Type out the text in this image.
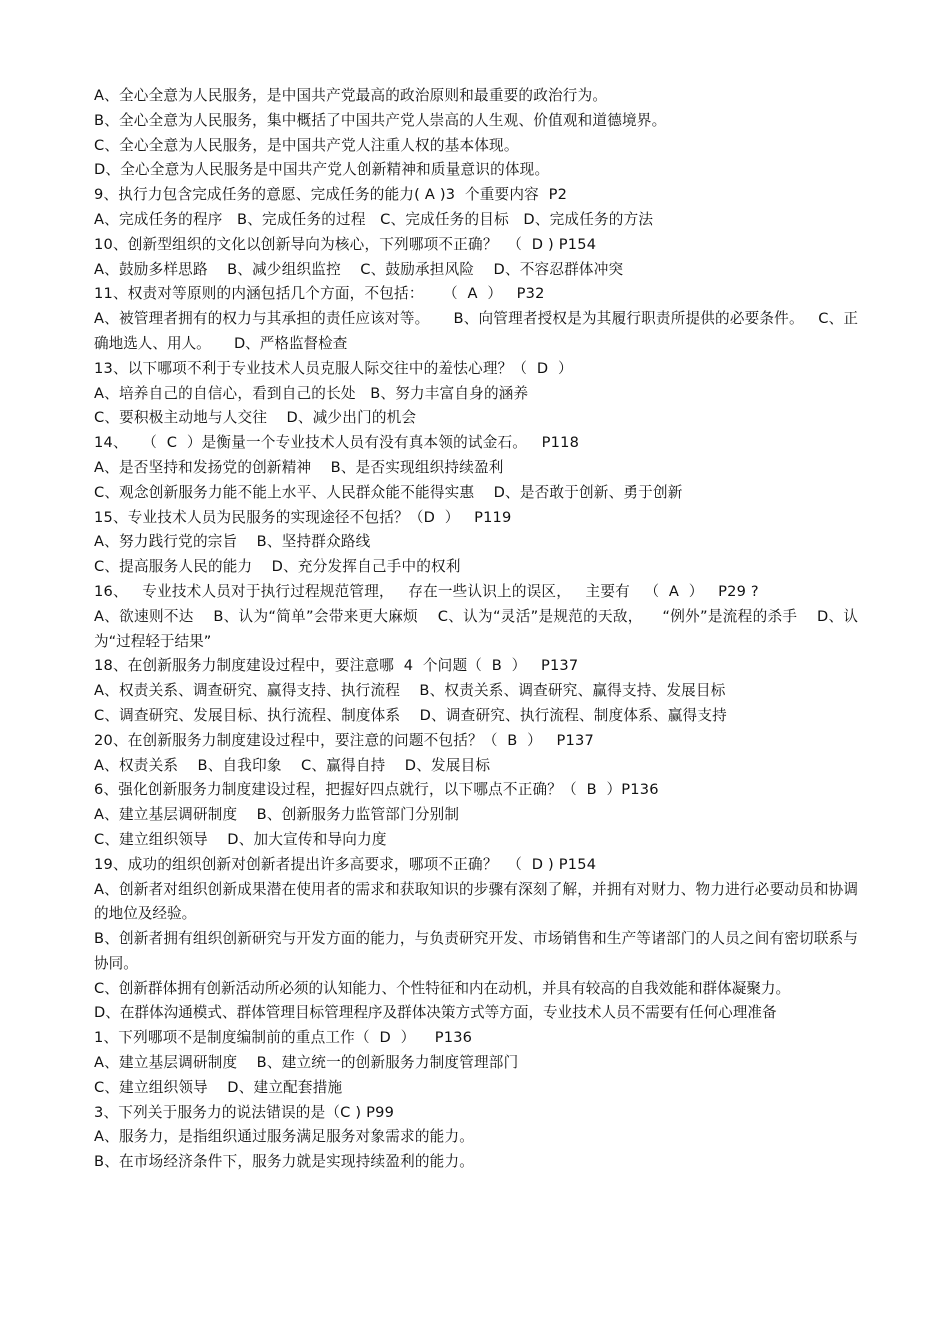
A、全心全意为人民服务，是中国共产党最高的政治原则和最重要的政治行为。
B、全心全意为人民服务，集中概括了中国共产党人崇高的人生观、价值观和道德境界。
C、全心全意为人民服务，是中国共产党人注重人权的基本体现。
D、全心全意为人民服务是中国共产党人创新精神和质量意识的体现。
9、执行力包含完成任务的意愿、完成任务的能力( A )3  个重要内容  P2
A、完成任务的程序   B、完成任务的过程   C、完成任务的目标   D、完成任务的方法
10、创新型组织的文化以创新导向为核心，下列哪项不正确？  （  D ) P154
A、鼓励多样思路    B、减少组织监控    C、鼓励承担风险    D、不容忍群体冲突
11、权责对等原则的内涵包括几个方面，不包括：    （  A  ）   P32
A、被管理者拥有的权力与其承担的责任应该对等。     B、向管理者授权是为其履行职责所提供的必要条件。   C、正确地选人、用人。     D、严格监督检查
13、以下哪项不利于专业技术人员克服人际交往中的羞怯心理？（  D  ）
A、培养自己的自信心，看到自己的长处   B、努力丰富自身的涵养
C、要积极主动地与人交往    D、减少出门的机会
14、   （  C  ）是衡量一个专业技术人员有没有真本领的试金石。   P118
A、是否坚持和发扬党的创新精神    B、是否实现组织持续盈利
C、观念创新服务力能不能上水平、人民群众能不能得实惠    D、是否敢于创新、勇于创新
15、专业技术人员为民服务的实现途径不包括？（D  ）   P119
A、努力践行党的宗旨    B、坚持群众路线
C、提高服务人民的能力    D、充分发挥自己手中的权利
16、   专业技术人员对于执行过程规范管理，   存在一些认识上的误区，   主要有   （  A  ）   P29 ?
A、欲速则不达    B、认为“简单”会带来更大麻烦    C、认为“灵活”是规范的天敌，    “例外”是流程的杀手    D、认为“过程轻于结果”
18、在创新服务力制度建设过程中，要注意哪  4  个问题（  B  ）   P137
A、权责关系、调查研究、赢得支持、执行流程    B、权责关系、调查研究、赢得支持、发展目标
C、调查研究、发展目标、执行流程、制度体系    D、调查研究、执行流程、制度体系、赢得支持
20、在创新服务力制度建设过程中，要注意的问题不包括？（  B  ）   P137
A、权责关系    B、自我印象    C、赢得自持    D、发展目标
6、强化创新服务力制度建设过程，把握好四点就行，以下哪点不正确？（  B  ）P136
A、建立基层调研制度    B、创新服务力监管部门分别制
C、建立组织领导    D、加大宣传和导向力度
19、成功的组织创新对创新者提出许多高要求，哪项不正确？  （  D ) P154
A、创新者对组织创新成果潜在使用者的需求和获取知识的步骤有深刻了解，并拥有对财力、物力进行必要动员和协调的地位及经验。
B、创新者拥有组织创新研究与开发方面的能力，与负责研究开发、市场销售和生产等诸部门的人员之间有密切联系与协同。
C、创新群体拥有创新活动所必须的认知能力、个性特征和内在动机，并具有较高的自我效能和群体凝聚力。
D、在群体沟通模式、群体管理目标管理程序及群体决策方式等方面，专业技术人员不需要有任何心理准备
1、下列哪项不是制度编制前的重点工作（  D  ）    P136
A、建立基层调研制度    B、建立统一的创新服务力制度管理部门
C、建立组织领导    D、建立配套措施
3、下列关于服务力的说法错误的是（C ) P99
A、服务力，是指组织通过服务满足服务对象需求的能力。
B、在市场经济条件下，服务力就是实现持续盈利的能力。
